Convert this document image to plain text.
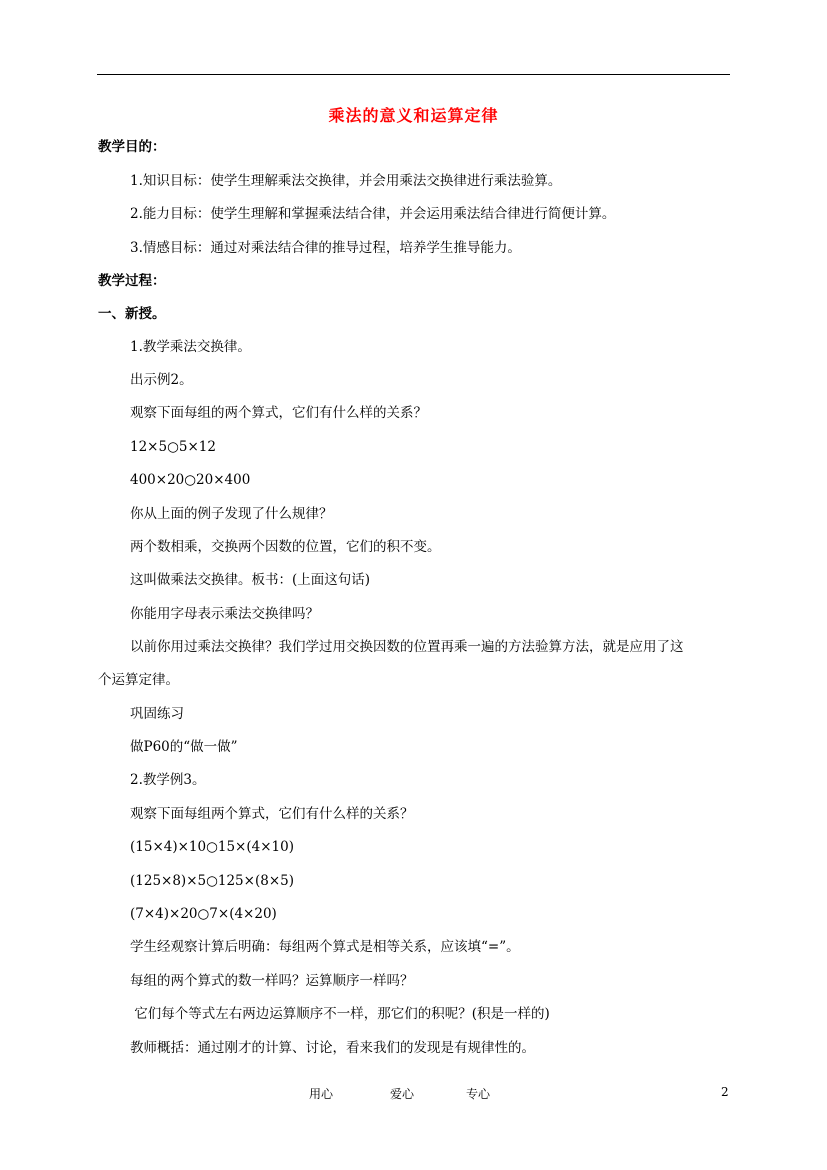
乘法的意义和运算定律
教学目的：
1.知识目标：使学生理解乘法交换律，并会用乘法交换律进行乘法验算。
2.能力目标：使学生理解和掌握乘法结合律，并会运用乘法结合律进行简便计算。
3.情感目标：通过对乘法结合律的推导过程，培养学生推导能力。
教学过程：
一、新授。
1.教学乘法交换律。
出示例2。
观察下面每组的两个算式，它们有什么样的关系？
12×5○5×12
400×20○20×400
你从上面的例子发现了什么规律？
两个数相乘，交换两个因数的位置，它们的积不变。
这叫做乘法交换律。板书：(上面这句话)
你能用字母表示乘法交换律吗？
以前你用过乘法交换律？我们学过用交换因数的位置再乘一遍的方法验算方法，就是应用了这
个运算定律。
巩固练习
做P60的“做一做”
2.教学例3。
观察下面每组两个算式，它们有什么样的关系？
(15×4)×10○15×(4×10)
(125×8)×5○125×(8×5)
(7×4)×20○7×(4×20)
学生经观察计算后明确：每组两个算式是相等关系，应该填“=”。
每组的两个算式的数一样吗？运算顺序一样吗？
它们每个等式左右两边运算顺序不一样，那它们的积呢？(积是一样的)
教师概括：通过刚才的计算、讨论，看来我们的发现是有规律性的。
用心	爱心	专心	2
